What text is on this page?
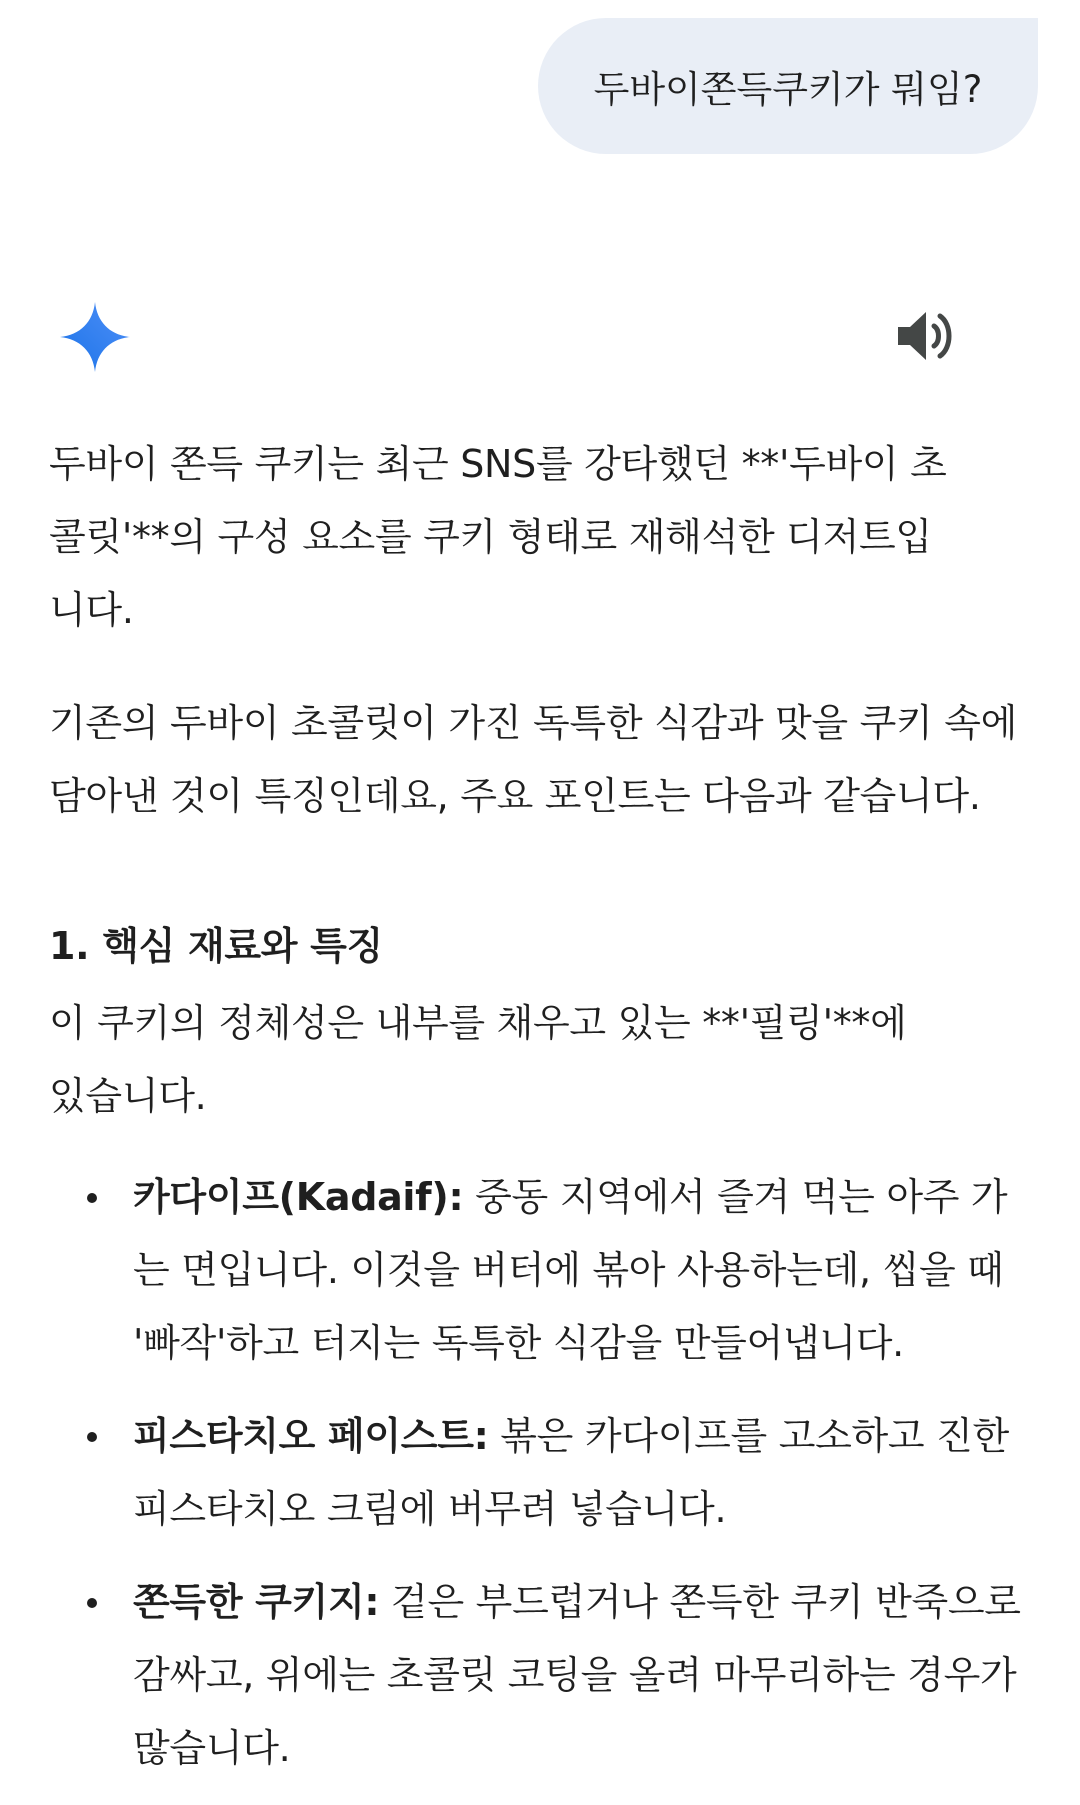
두바이쫀득쿠키가 뭐임?

두바이 쫀득 쿠키는 최근 SNS를 강타했던 **'두바이 초콜릿'**의 구성 요소를 쿠키 형태로 재해석한 디저트입니다.

기존의 두바이 초콜릿이 가진 독특한 식감과 맛을 쿠키 속에 담아낸 것이 특징인데요, 주요 포인트는 다음과 같습니다.

1. 핵심 재료와 특징

이 쿠키의 정체성은 내부를 채우고 있는 **'필링'**에 있습니다.

카다이프(Kadaif): 중동 지역에서 즐겨 먹는 아주 가는 면입니다. 이것을 버터에 볶아 사용하는데, 씹을 때 '빠작'하고 터지는 독특한 식감을 만들어냅니다.
피스타치오 페이스트: 볶은 카다이프를 고소하고 진한 피스타치오 크림에 버무려 넣습니다.
쫀득한 쿠키지: 겉은 부드럽거나 쫀득한 쿠키 반죽으로 감싸고, 위에는 초콜릿 코팅을 올려 마무리하는 경우가 많습니다.
